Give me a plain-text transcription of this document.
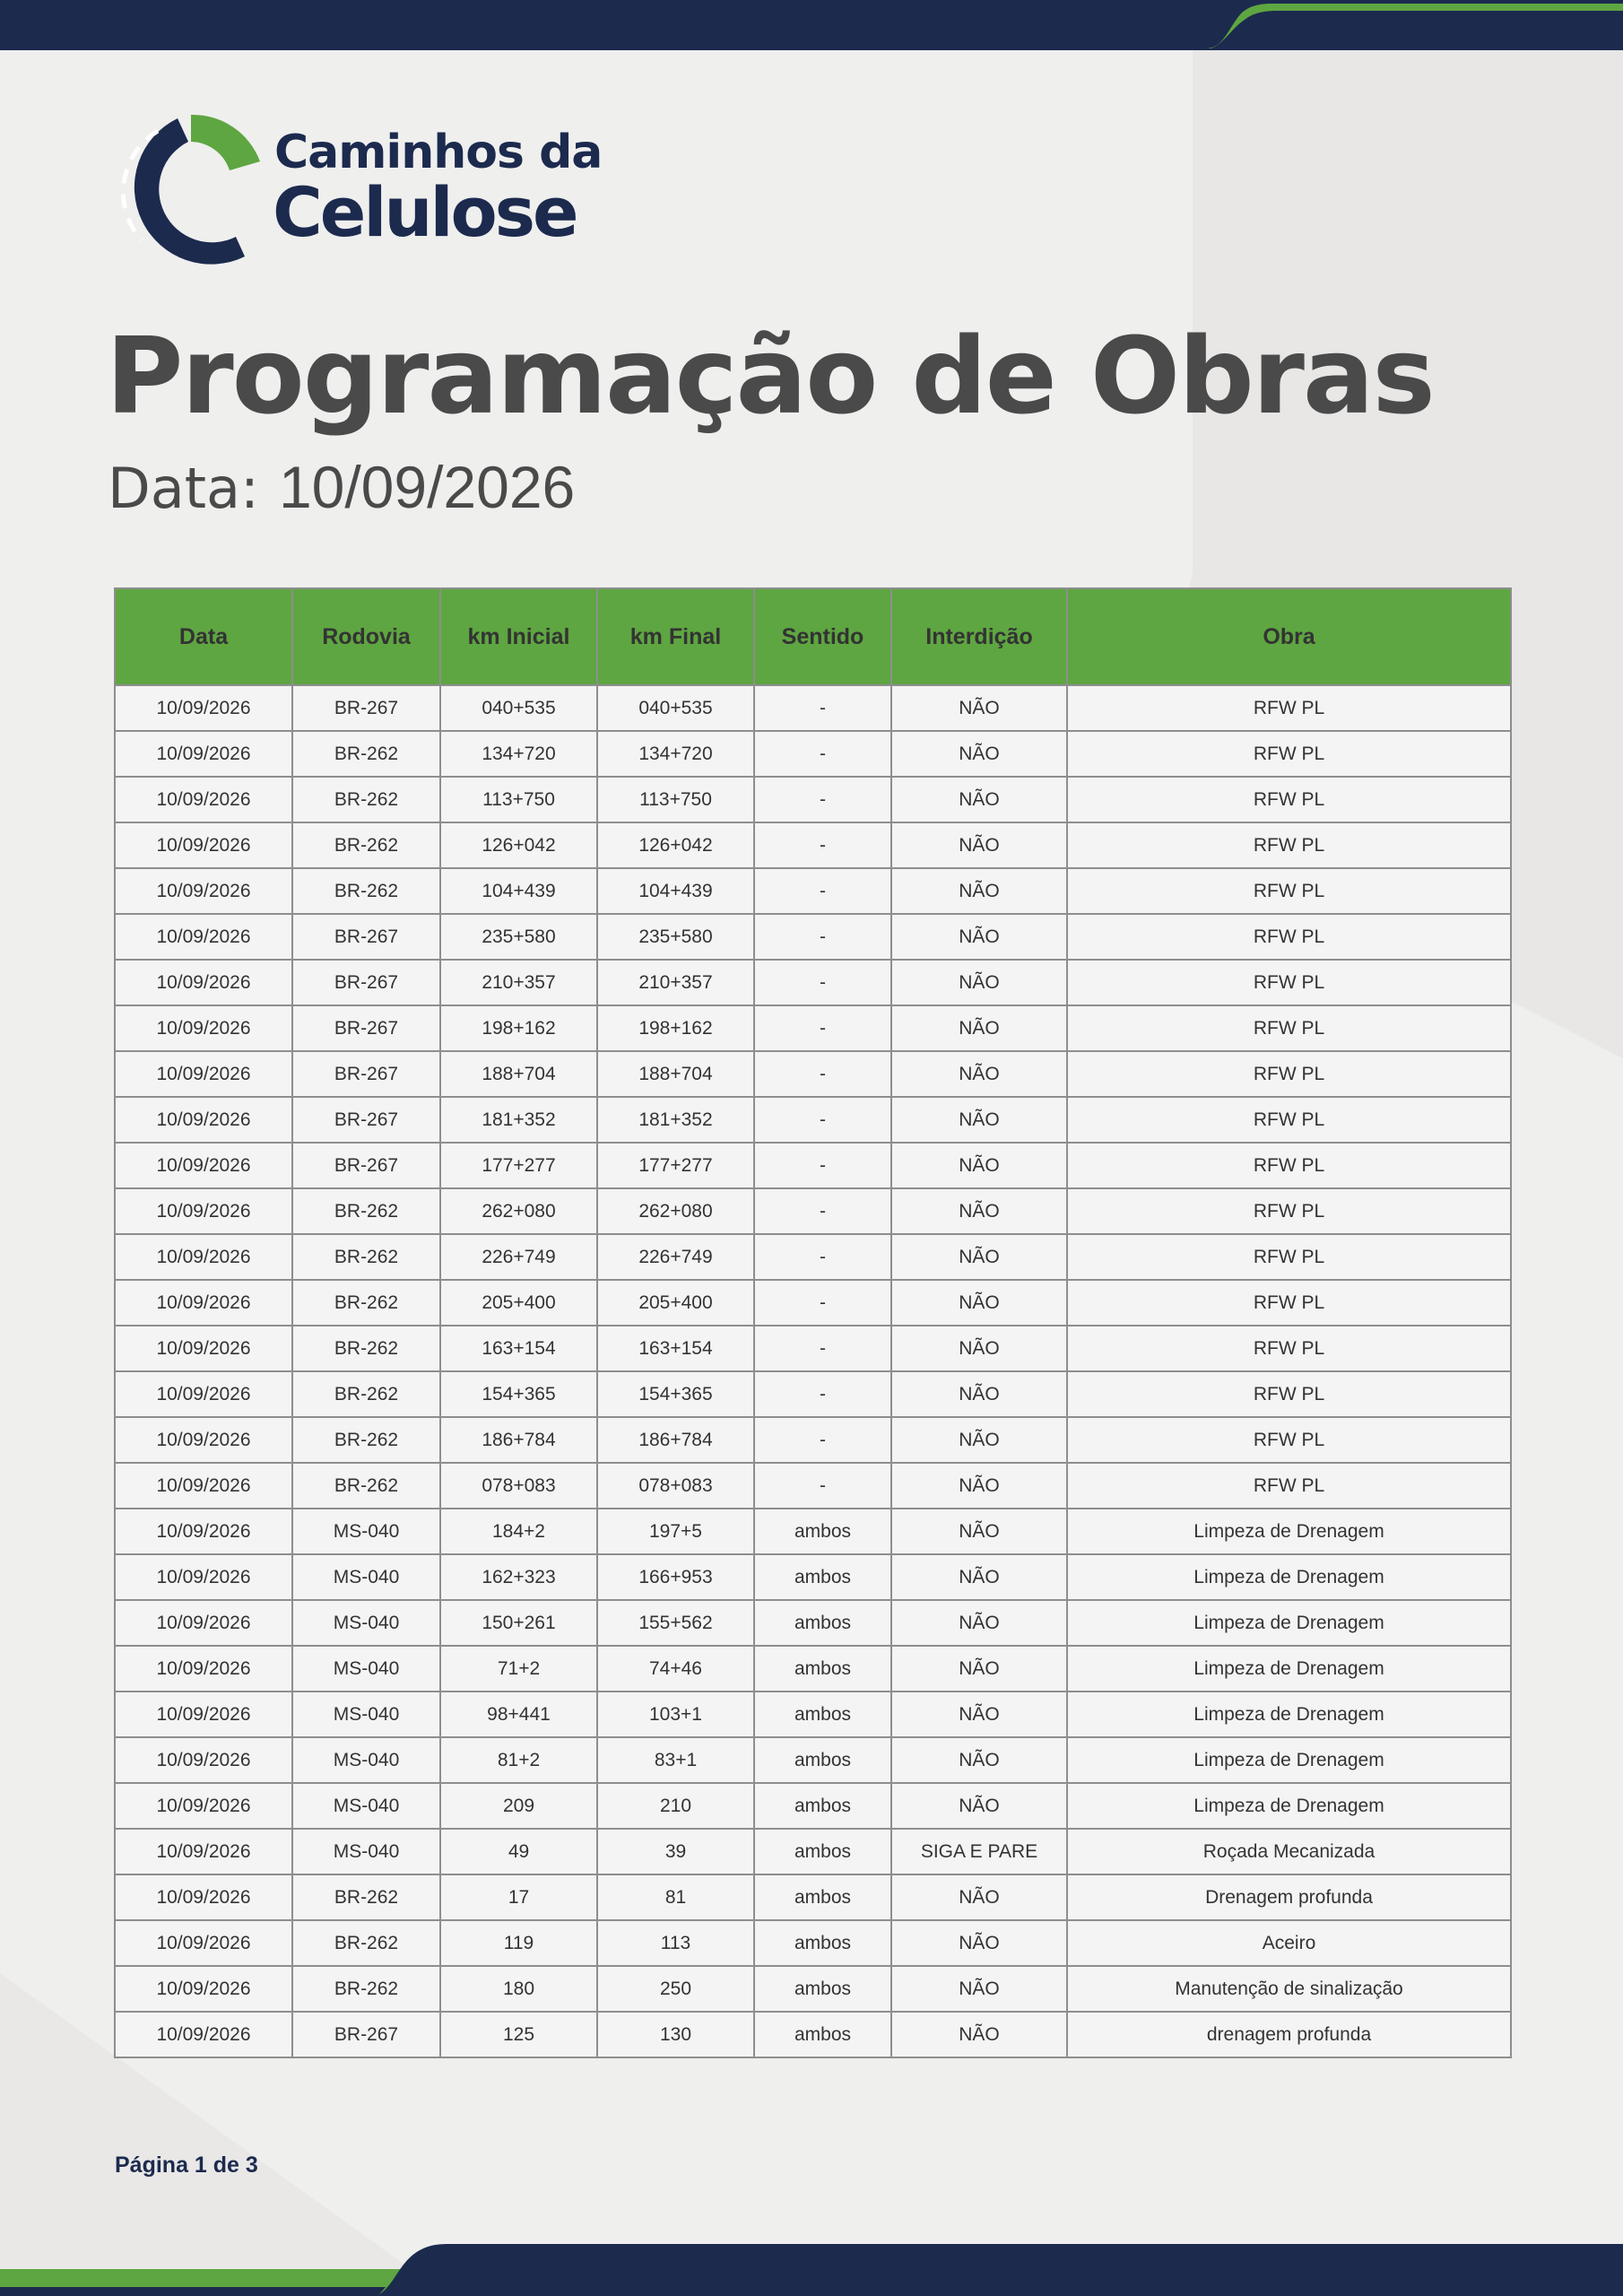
Caminhos da
Celulose
Programação de Obras
Data: 10/09/2026
Data	Rodovia	km Inicial	km Final	Sentido	Interdição	Obra
10/09/2026	BR-267	040+535	040+535	-	NÃO	RFW PL
10/09/2026	BR-262	134+720	134+720	-	NÃO	RFW PL
10/09/2026	BR-262	113+750	113+750	-	NÃO	RFW PL
10/09/2026	BR-262	126+042	126+042	-	NÃO	RFW PL
10/09/2026	BR-262	104+439	104+439	-	NÃO	RFW PL
10/09/2026	BR-267	235+580	235+580	-	NÃO	RFW PL
10/09/2026	BR-267	210+357	210+357	-	NÃO	RFW PL
10/09/2026	BR-267	198+162	198+162	-	NÃO	RFW PL
10/09/2026	BR-267	188+704	188+704	-	NÃO	RFW PL
10/09/2026	BR-267	181+352	181+352	-	NÃO	RFW PL
10/09/2026	BR-267	177+277	177+277	-	NÃO	RFW PL
10/09/2026	BR-262	262+080	262+080	-	NÃO	RFW PL
10/09/2026	BR-262	226+749	226+749	-	NÃO	RFW PL
10/09/2026	BR-262	205+400	205+400	-	NÃO	RFW PL
10/09/2026	BR-262	163+154	163+154	-	NÃO	RFW PL
10/09/2026	BR-262	154+365	154+365	-	NÃO	RFW PL
10/09/2026	BR-262	186+784	186+784	-	NÃO	RFW PL
10/09/2026	BR-262	078+083	078+083	-	NÃO	RFW PL
10/09/2026	MS-040	184+2	197+5	ambos	NÃO	Limpeza de Drenagem
10/09/2026	MS-040	162+323	166+953	ambos	NÃO	Limpeza de Drenagem
10/09/2026	MS-040	150+261	155+562	ambos	NÃO	Limpeza de Drenagem
10/09/2026	MS-040	71+2	74+46	ambos	NÃO	Limpeza de Drenagem
10/09/2026	MS-040	98+441	103+1	ambos	NÃO	Limpeza de Drenagem
10/09/2026	MS-040	81+2	83+1	ambos	NÃO	Limpeza de Drenagem
10/09/2026	MS-040	209	210	ambos	NÃO	Limpeza de Drenagem
10/09/2026	MS-040	49	39	ambos	SIGA E PARE	Roçada Mecanizada
10/09/2026	BR-262	17	81	ambos	NÃO	Drenagem profunda
10/09/2026	BR-262	119	113	ambos	NÃO	Aceiro
10/09/2026	BR-262	180	250	ambos	NÃO	Manutenção de sinalização
10/09/2026	BR-267	125	130	ambos	NÃO	drenagem profunda
Página 1 de 3
